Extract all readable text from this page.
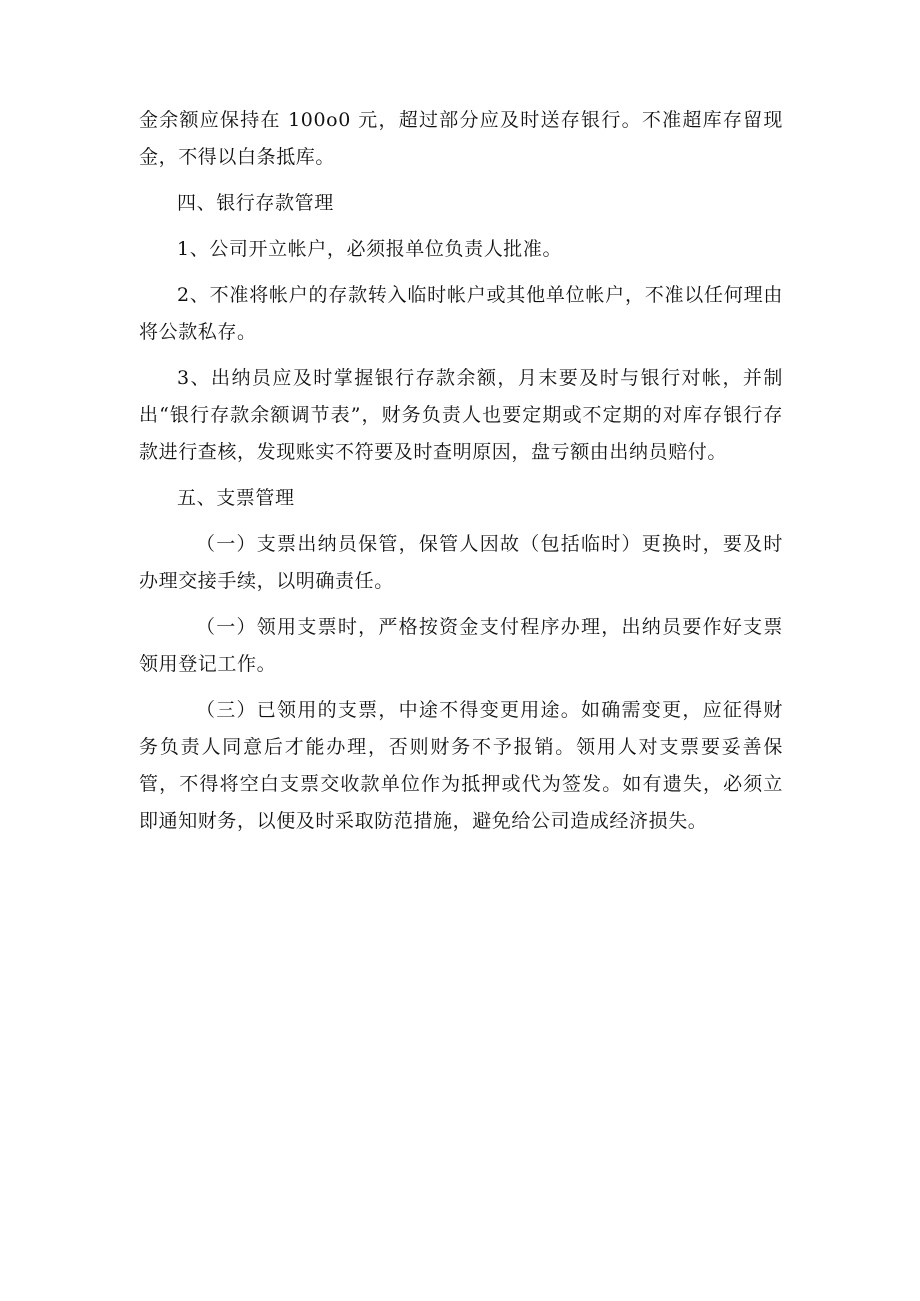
金余额应保持在 100o0 元，超过部分应及时送存银行。不准超库存留现金，不得以白条抵库。

四、银行存款管理

1、公司开立帐户，必须报单位负责人批准。

2、不准将帐户的存款转入临时帐户或其他单位帐户，不准以任何理由将公款私存。

3、出纳员应及时掌握银行存款余额，月末要及时与银行对帐，并制出“银行存款余额调节表”，财务负责人也要定期或不定期的对库存银行存款进行查核，发现账实不符要及时查明原因，盘亏额由出纳员赔付。

五、支票管理

（一）支票出纳员保管，保管人因故（包括临时）更换时，要及时办理交接手续，以明确责任。

（一）领用支票时，严格按资金支付程序办理，出纳员要作好支票领用登记工作。

（三）已领用的支票，中途不得变更用途。如确需变更，应征得财务负责人同意后才能办理，否则财务不予报销。领用人对支票要妥善保管，不得将空白支票交收款单位作为抵押或代为签发。如有遗失，必须立即通知财务，以便及时采取防范措施，避免给公司造成经济损失。
